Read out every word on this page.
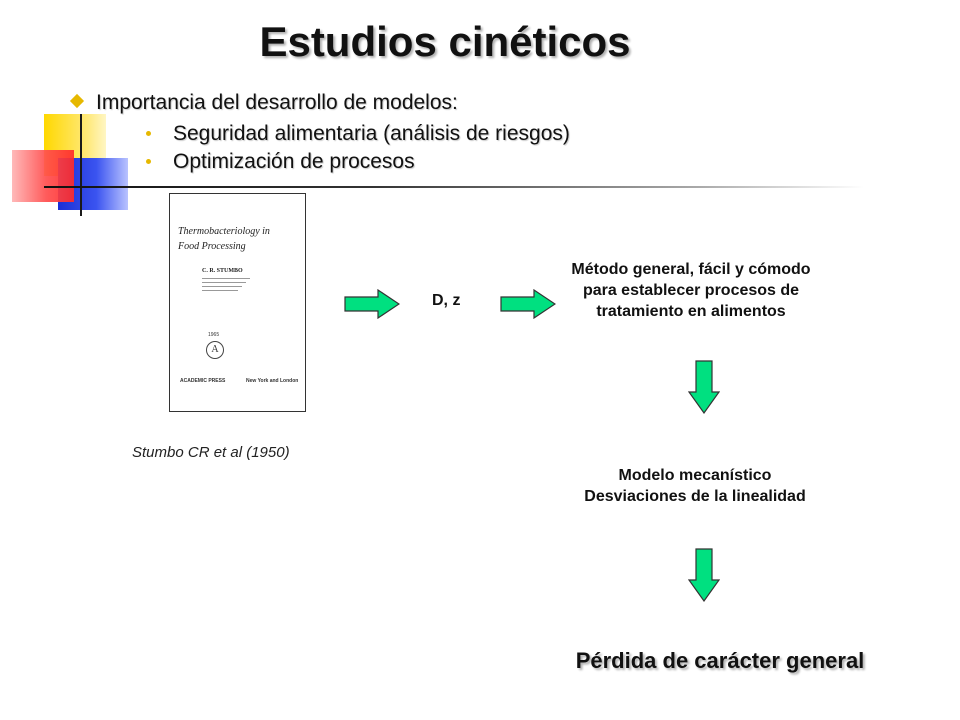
Estudios cinéticos
Importancia del desarrollo de modelos:
Seguridad alimentaria (análisis de riesgos)
Optimización de procesos
Thermobacteriology in
Food Processing
C. R. STUMBO
1965
A
ACADEMIC PRESS	New York and London
Stumbo CR et al (1950)
D, z
Método general, fácil y cómodo para establecer procesos de tratamiento en alimentos
Modelo mecanístico Desviaciones de la linealidad
Pérdida de carácter general
